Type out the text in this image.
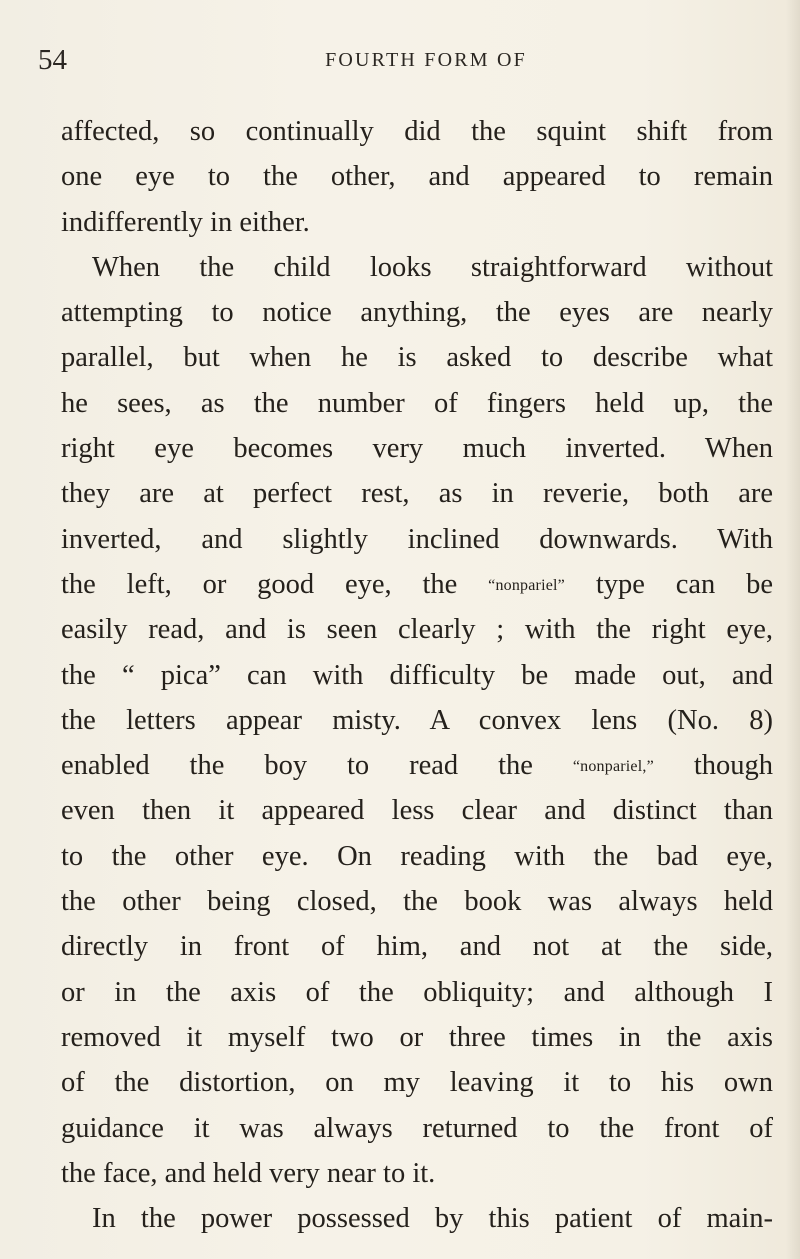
54	FOURTH FORM OF
affected, so continually did the squint shift from
one eye to the other, and appeared to remain
indifferently in either.
When the child looks straightforward without
attempting to notice anything, the eyes are nearly
parallel, but when he is asked to describe what
he sees, as the number of fingers held up, the
right eye becomes very much inverted. When
they are at perfect rest, as in reverie, both are
inverted, and slightly inclined downwards. With
the left, or good eye, the “nonpariel” type can be
easily read, and is seen clearly ; with the right eye,
the “ pica” can with difficulty be made out, and
the letters appear misty. A convex lens (No. 8)
enabled the boy to read the “nonpariel,” though
even then it appeared less clear and distinct than
to the other eye. On reading with the bad eye,
the other being closed, the book was always held
directly in front of him, and not at the side,
or in the axis of the obliquity; and although I
removed it myself two or three times in the axis
of the distortion, on my leaving it to his own
guidance it was always returned to the front of
the face, and held very near to it.
In the power possessed by this patient of main-
